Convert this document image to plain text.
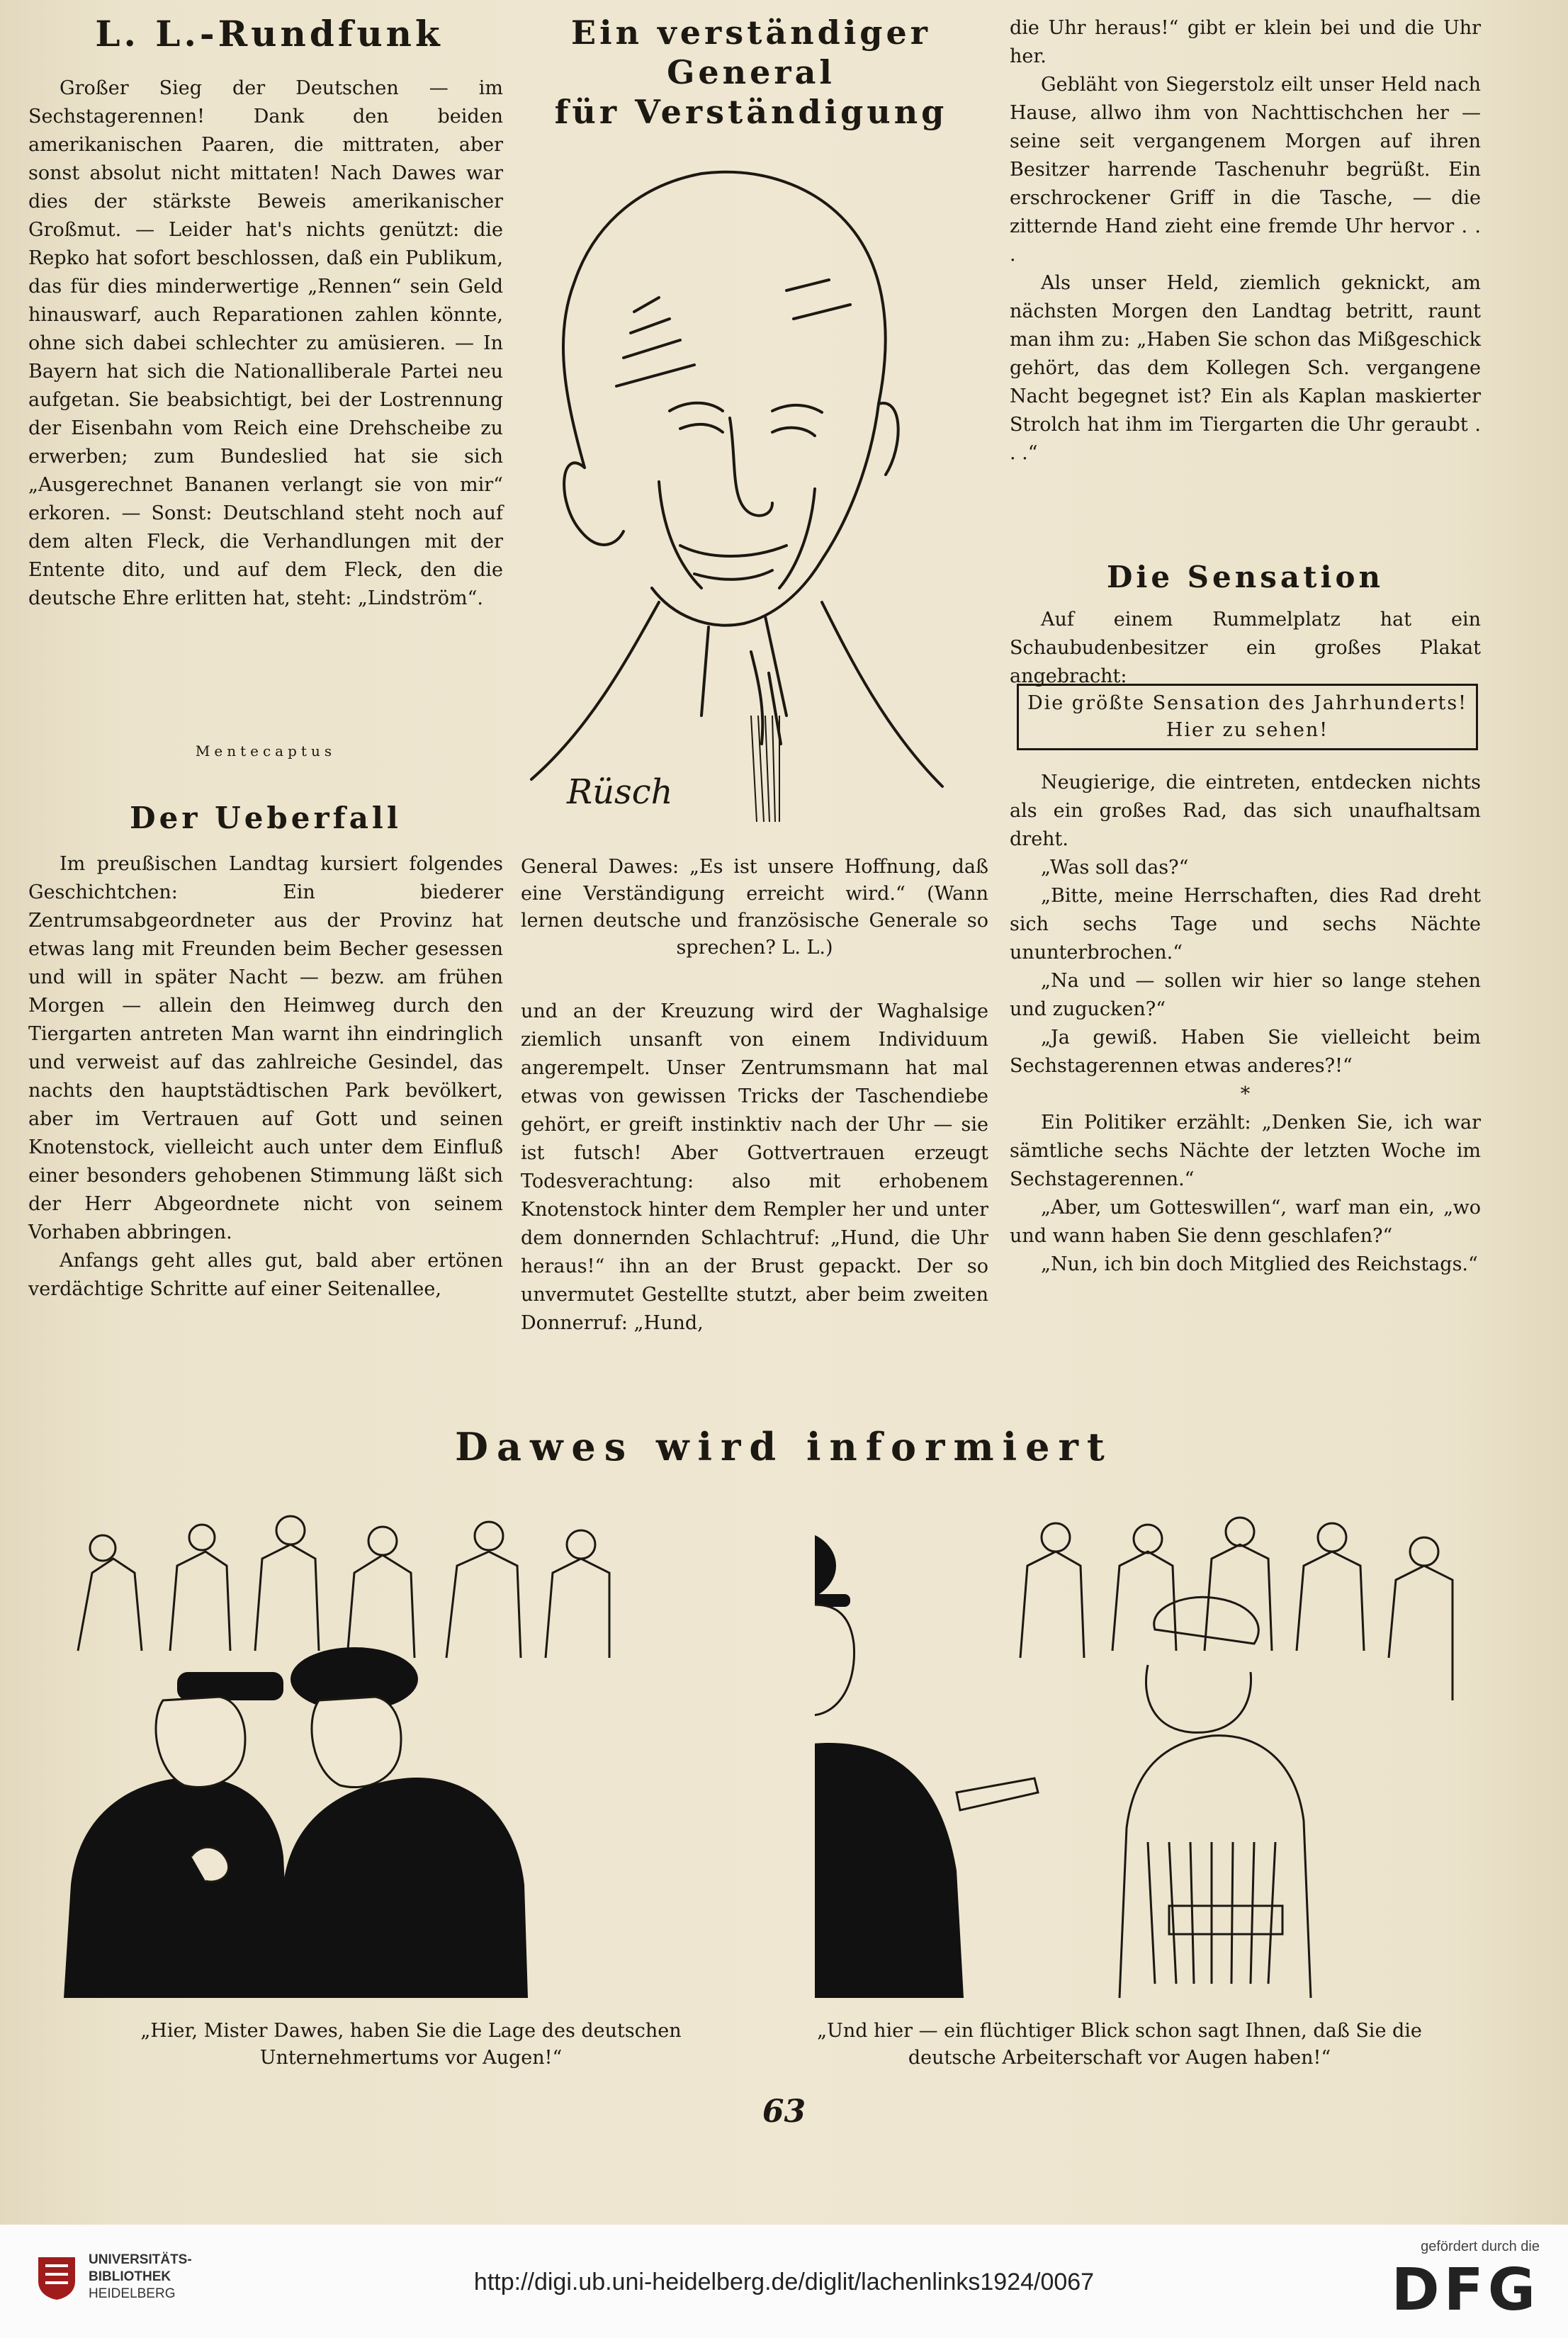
L. L.-Rundfunk

Großer Sieg der Deutschen — im Sechstagerennen! Dank den beiden amerikanischen Paaren, die mittraten, aber sonst absolut nicht mittaten! Nach Dawes war dies der stärkste Beweis amerikanischer Großmut. — Leider hat's nichts genützt: die Repko hat sofort beschlossen, daß ein Publikum, das für dies minderwertige „Rennen“ sein Geld hinauswarf, auch Reparationen zahlen könnte, ohne sich dabei schlechter zu amüsieren. — In Bayern hat sich die Nationalliberale Partei neu aufgetan. Sie beabsichtigt, bei der Lostrennung der Eisenbahn vom Reich eine Drehscheibe zu erwerben; zum Bundeslied hat sie sich „Ausgerechnet Bananen verlangt sie von mir“ erkoren. — Sonst: Deutschland steht noch auf dem alten Fleck, die Verhandlungen mit der Entente dito, und auf dem Fleck, den die deutsche Ehre erlitten hat, steht: „Lindström“.

Mentecaptus
Der Ueberfall

Im preußischen Landtag kursiert folgendes Geschichtchen: Ein biederer Zentrumsabgeordneter aus der Provinz hat etwas lang mit Freunden beim Becher gesessen und will in später Nacht — bezw. am frühen Morgen — allein den Heimweg durch den Tiergarten antreten Man warnt ihn eindringlich und verweist auf das zahlreiche Gesindel, das nachts den hauptstädtischen Park bevölkert, aber im Vertrauen auf Gott und seinen Knotenstock, vielleicht auch unter dem Einfluß einer besonders gehobenen Stimmung läßt sich der Herr Abgeordnete nicht von seinem Vorhaben abbringen.

Anfangs geht alles gut, bald aber ertönen verdächtige Schritte auf einer Seitenallee,

Ein verständiger General
für Verständigung
Rüsch
General Dawes: „Es ist unsere Hoffnung, daß eine Verständigung erreicht wird.“ (Wann lernen deutsche und französische Generale so sprechen? L. L.)

und an der Kreuzung wird der Waghalsige ziemlich unsanft von einem Individuum angerempelt. Unser Zentrumsmann hat mal etwas von gewissen Tricks der Taschendiebe gehört, er greift instinktiv nach der Uhr — sie ist futsch! Aber Gottvertrauen erzeugt Todesverachtung: also mit erhobenem Knotenstock hinter dem Rempler her und unter dem donnernden Schlachtruf: „Hund, die Uhr heraus!“ ihn an der Brust gepackt. Der so unvermutet Gestellte stutzt, aber beim zweiten Donnerruf: „Hund,

die Uhr heraus!“ gibt er klein bei und die Uhr her.

Gebläht von Siegerstolz eilt unser Held nach Hause, allwo ihm von Nachttischchen her — seine seit vergangenem Morgen auf ihren Besitzer harrende Taschenuhr begrüßt. Ein erschrockener Griff in die Tasche, — die zitternde Hand zieht eine fremde Uhr hervor . . .

Als unser Held, ziemlich geknickt, am nächsten Morgen den Landtag betritt, raunt man ihm zu: „Haben Sie schon das Mißgeschick gehört, das dem Kollegen Sch. vergangene Nacht begegnet ist? Ein als Kaplan maskierter Strolch hat ihm im Tiergarten die Uhr geraubt . . .“

Die Sensation

Auf einem Rummelplatz hat ein Schaubudenbesitzer ein großes Plakat angebracht:

Die größte Sensation des Jahrhunderts!
Hier zu sehen!

Neugierige, die eintreten, entdecken nichts als ein großes Rad, das sich unaufhaltsam dreht.

„Was soll das?“

„Bitte, meine Herrschaften, dies Rad dreht sich sechs Tage und sechs Nächte ununterbrochen.“

„Na und — sollen wir hier so lange stehen und zugucken?“

„Ja gewiß. Haben Sie vielleicht beim Sechstagerennen etwas anderes?!“

*

Ein Politiker erzählt: „Denken Sie, ich war sämtliche sechs Nächte der letzten Woche im Sechstagerennen.“

„Aber, um Gotteswillen“, warf man ein, „wo und wann haben Sie denn geschlafen?“

„Nun, ich bin doch Mitglied des Reichstags.“

Dawes wird informiert
„Hier, Mister Dawes, haben Sie die Lage des deutschen Unternehmertums vor Augen!“
„Und hier — ein flüchtiger Blick schon sagt Ihnen, daß Sie die deutsche Arbeiterschaft vor Augen haben!“
63
UNIVERSITÄTS-
BIBLIOTHEK
HEIDELBERG	http://digi.ub.uni-heidelberg.de/diglit/lachenlinks1924/0067
gefördert durch die
DFG
